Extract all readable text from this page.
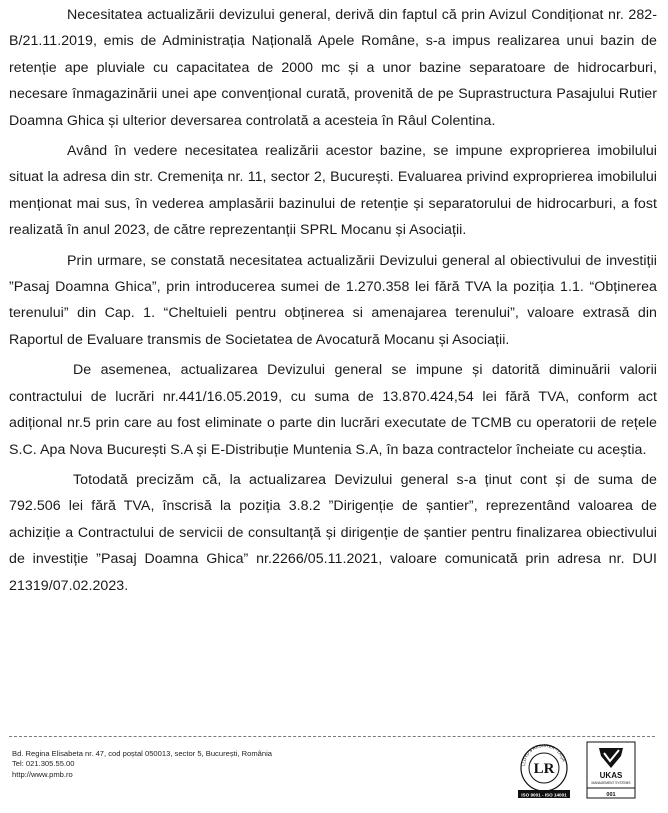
Necesitatea actualizării devizului general, derivă din faptul că prin Avizul Condiționat nr. 282-B/21.11.2019, emis de Administrația Națională Apele Române, s-a impus realizarea unui bazin de retenție ape pluviale cu capacitatea de 2000 mc și a unor bazine separatoare de hidrocarburi, necesare înmagazinării unei ape convențional curată, provenită de pe Suprastructura Pasajului Rutier Doamna Ghica și ulterior deversarea controlată a acesteia în Râul Colentina.

Având în vedere necesitatea realizării acestor bazine, se impune exproprierea imobilului situat la adresa din str. Cremenița nr. 11, sector 2, București. Evaluarea privind exproprierea imobilului menționat mai sus, în vederea amplasării bazinului de retenție și separatorului de hidrocarburi, a fost realizată în anul 2023, de către reprezentanții SPRL Mocanu și Asociații.

Prin urmare, se constată necesitatea actualizării Devizului general al obiectivului de investiții ”Pasaj Doamna Ghica”, prin introducerea sumei de 1.270.358 lei fără TVA la poziția 1.1. “Obținerea terenului” din Cap. 1. “Cheltuieli pentru obținerea si amenajarea terenului”, valoare extrasă din Raportul de Evaluare transmis de Societatea de Avocatură Mocanu și Asociații.

De asemenea, actualizarea Devizului general se impune și datorită diminuării valorii contractului de lucrări nr.441/16.05.2019, cu suma de 13.870.424,54 lei fără TVA, conform act adițional nr.5 prin care au fost eliminate o parte din lucrări executate de TCMB cu operatorii de rețele S.C. Apa Nova București S.A și E-Distribuție Muntenia S.A, în baza contractelor încheiate cu aceștia.

Totodată precizăm că, la actualizarea Devizului general s-a ținut cont și de suma de 792.506 lei fără TVA, înscrisă la poziția 3.8.2 ”Dirigenție de șantier”, reprezentând valoarea de achiziție a Contractului de servicii de consultanță și dirigenție de șantier pentru finalizarea obiectivului de investiție ”Pasaj Doamna Ghica” nr.2266/05.11.2021, valoare comunicată prin adresa nr. DUI 21319/07.02.2023.

Bd. Regina Elisabeta nr. 47, cod poștal 050013, sector 5, București, România
Tel: 021.305.55.00
http://www.pmb.ro
LLOYD'S REGISTER - LRQA
LR
ISO 9001 - ISO 14001
UKAS
MANAGEMENT SYSTEMS
001
